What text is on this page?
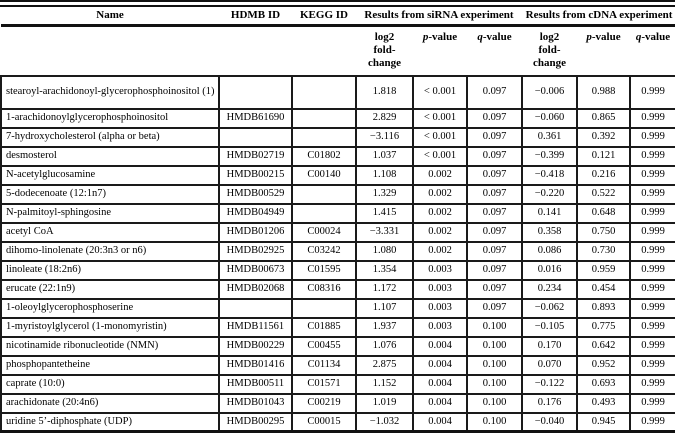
Name	HDMB ID	KEGG ID	Results from siRNA experiment			Results from cDNA experiment		

			log2
fold-
change	p-value	q-value	log2
fold-
change	p-value	q-value
stearoyl-arachidonoyl-glycerophosphoinositol (1)			1.818	< 0.001	0.097	−0.006	0.988	0.999
1-arachidonoylglycerophosphoinositol	HMDB61690		2.829	< 0.001	0.097	−0.060	0.865	0.999
7-hydroxycholesterol (alpha or beta)			−3.116	< 0.001	0.097	0.361	0.392	0.999
desmosterol	HMDB02719	C01802	1.037	< 0.001	0.097	−0.399	0.121	0.999
N-acetylglucosamine	HMDB00215	C00140	1.108	0.002	0.097	−0.418	0.216	0.999
5-dodecenoate (12:1n7)	HMDB00529		1.329	0.002	0.097	−0.220	0.522	0.999
N-palmitoyl-sphingosine	HMDB04949		1.415	0.002	0.097	0.141	0.648	0.999
acetyl CoA	HMDB01206	C00024	−3.331	0.002	0.097	0.358	0.750	0.999
dihomo-linolenate (20:3n3 or n6)	HMDB02925	C03242	1.080	0.002	0.097	0.086	0.730	0.999
linoleate (18:2n6)	HMDB00673	C01595	1.354	0.003	0.097	0.016	0.959	0.999
erucate (22:1n9)	HMDB02068	C08316	1.172	0.003	0.097	0.234	0.454	0.999
1-oleoylglycerophosphoserine			1.107	0.003	0.097	−0.062	0.893	0.999
1-myristoylglycerol (1-monomyristin)	HMDB11561	C01885	1.937	0.003	0.100	−0.105	0.775	0.999
nicotinamide ribonucleotide (NMN)	HMDB00229	C00455	1.076	0.004	0.100	0.170	0.642	0.999
phosphopantetheine	HMDB01416	C01134	2.875	0.004	0.100	0.070	0.952	0.999
caprate (10:0)	HMDB00511	C01571	1.152	0.004	0.100	−0.122	0.693	0.999
arachidonate (20:4n6)	HMDB01043	C00219	1.019	0.004	0.100	0.176	0.493	0.999
uridine 5’-diphosphate (UDP)	HMDB00295	C00015	−1.032	0.004	0.100	−0.040	0.945	0.999
